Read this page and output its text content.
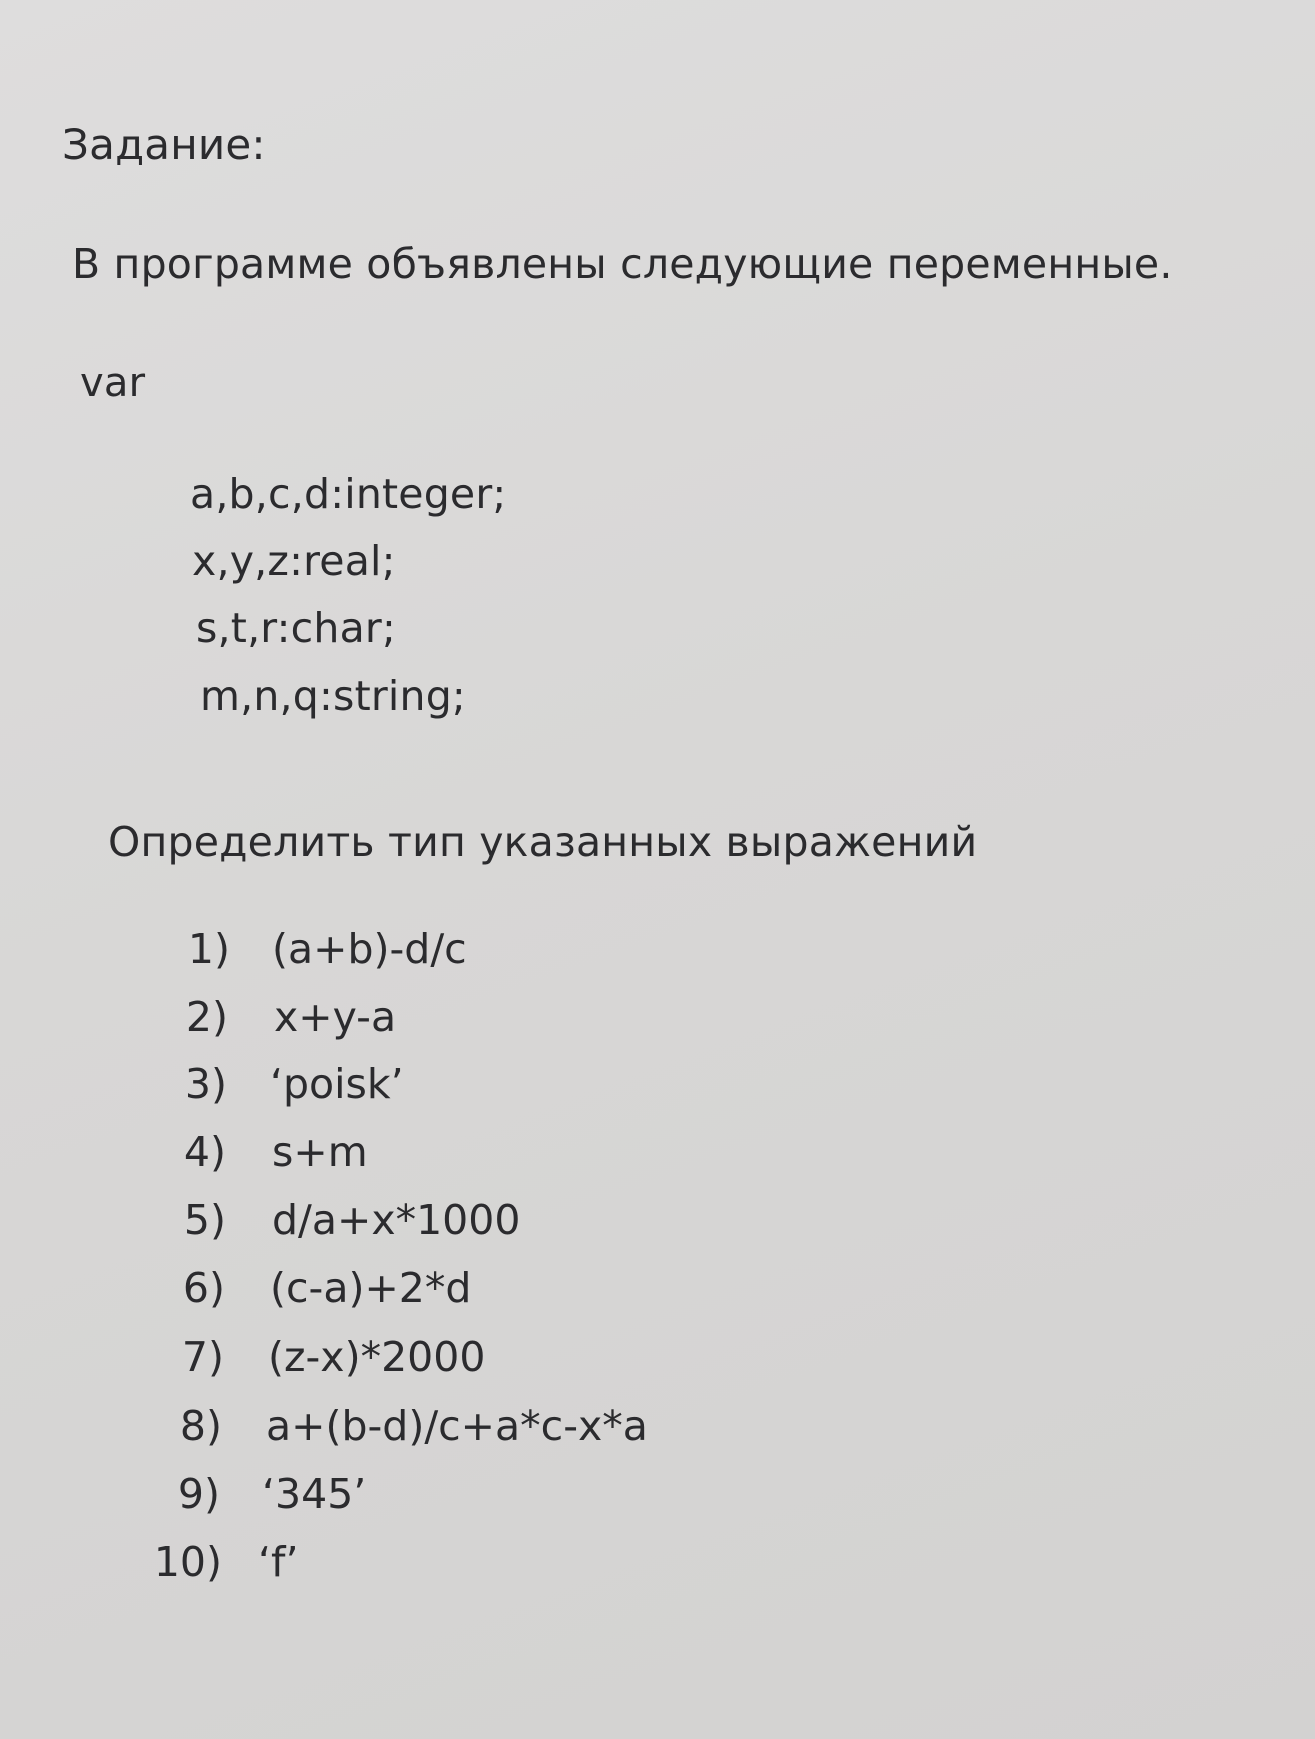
Задание:

В программе объявлены следующие переменные.

var

a,b,c,d:integer;

x,y,z:real;

s,t,r:char;

m,n,q:string;

Определить тип указанных выражений

1) (a+b)-d/c
2) x+y-a
3) ‘poisk’
4) s+m
5) d/a+x*1000
6) (c-a)+2*d
7) (z-x)*2000
8) a+(b-d)/c+a*c-x*a
9) ‘345’
10) ‘f’
